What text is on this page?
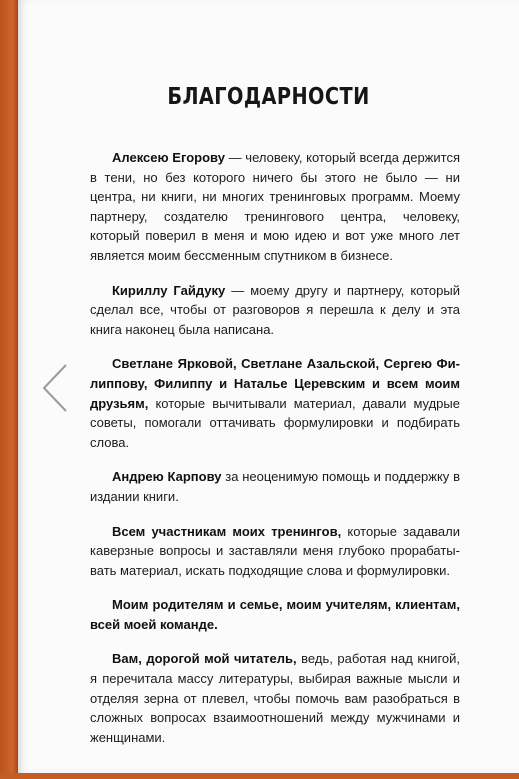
БЛАГОДАРНОСТИ

Алексею Егорову — человеку, который всегда держится в тени, но без которого ничего бы этого не было — ни центра, ни книги, ни многих тренинговых программ. Моему партнеру, создателю тренингового центра, человеку, который поверил в меня и мою идею и вот уже много лет является моим бессменным спутником в бизнесе.

Кириллу Гайдуку — моему другу и партнеру, который сделал все, чтобы от разговоров я перешла к делу и эта книга наконец была написана.

Светлане Ярковой, Светлане Азальской, Сергею Филиппову, Филиппу и Наталье Церевским и всем моим друзьям, которые вычитывали материал, давали мудрые советы, помогали оттачивать формулировки и подбирать слова.

Андрею Карпову за неоценимую помощь и поддержку в издании книги.

Всем участникам моих тренингов, которые задавали каверзные вопросы и заставляли меня глубоко прорабатывать материал, искать подходящие слова и формулировки.

Моим родителям и семье, моим учителям, клиентам, всей моей команде.

Вам, дорогой мой читатель, ведь, работая над книгой, я перечитала массу литературы, выбирая важные мысли и отделяя зерна от плевел, чтобы помочь вам разобраться в сложных вопросах взаимоотношений между мужчинами и женщинами.
